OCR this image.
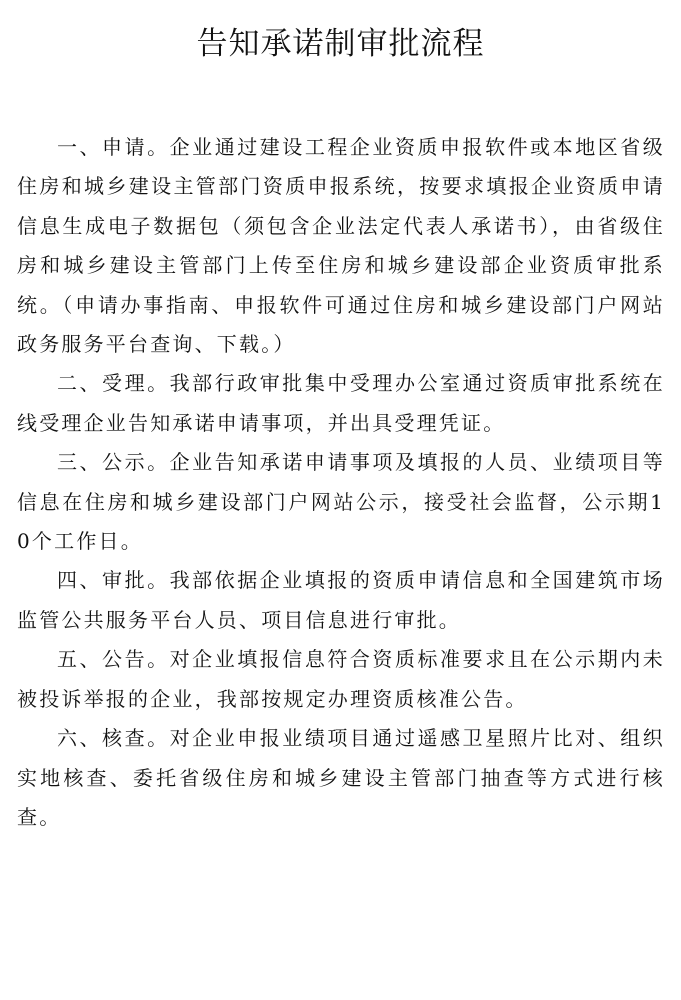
告知承诺制审批流程

一、申请。企业通过建设工程企业资质申报软件或本地区省级住房和城乡建设主管部门资质申报系统，按要求填报企业资质申请信息生成电子数据包（须包含企业法定代表人承诺书），由省级住房和城乡建设主管部门上传至住房和城乡建设部企业资质审批系统。（申请办事指南、申报软件可通过住房和城乡建设部门户网站政务服务平台查询、下载。）

二、受理。我部行政审批集中受理办公室通过资质审批系统在线受理企业告知承诺申请事项，并出具受理凭证。

三、公示。企业告知承诺申请事项及填报的人员、业绩项目等信息在住房和城乡建设部门户网站公示，接受社会监督，公示期10个工作日。

四、审批。我部依据企业填报的资质申请信息和全国建筑市场监管公共服务平台人员、项目信息进行审批。

五、公告。对企业填报信息符合资质标准要求且在公示期内未被投诉举报的企业，我部按规定办理资质核准公告。

六、核查。对企业申报业绩项目通过遥感卫星照片比对、组织实地核查、委托省级住房和城乡建设主管部门抽查等方式进行核查。
